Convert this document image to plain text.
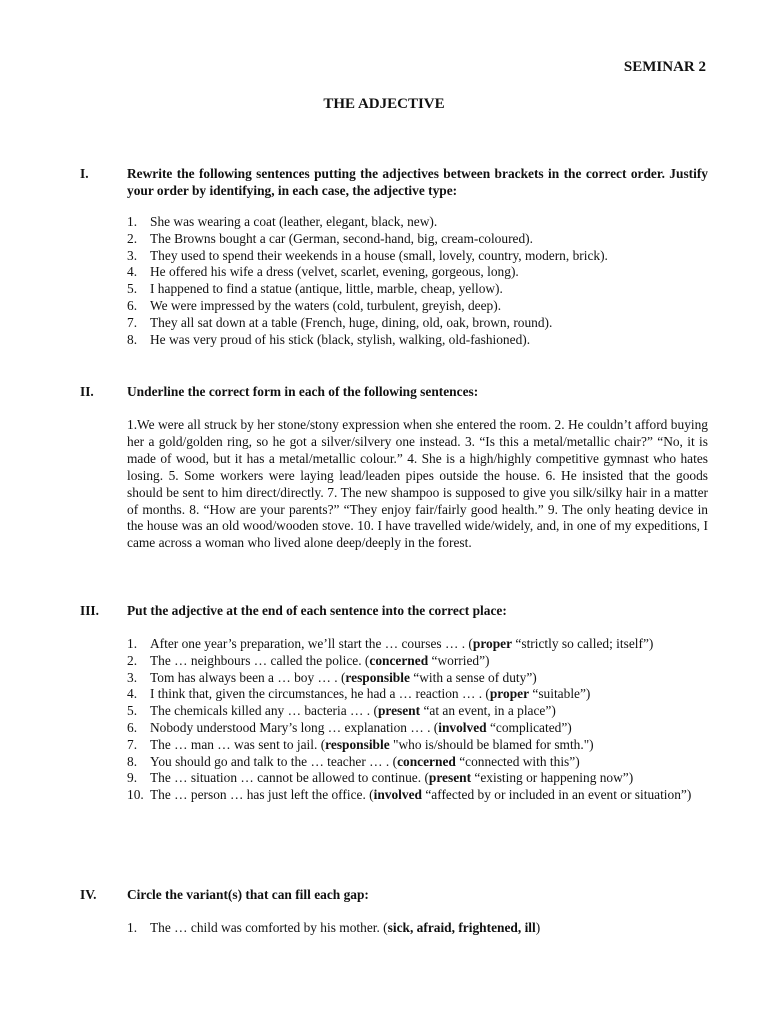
SEMINAR 2
THE ADJECTIVE
I.	Rewrite the following sentences putting the adjectives between brackets in the correct order. Justify your order by identifying, in each case, the adjective type:
1. She was wearing a coat (leather, elegant, black, new).
2. The Browns bought a car (German, second-hand, big, cream-coloured).
3. They used to spend their weekends in a house (small, lovely, country, modern, brick).
4. He offered his wife a dress (velvet, scarlet, evening, gorgeous, long).
5. I happened to find a statue (antique, little, marble, cheap, yellow).
6. We were impressed by the waters (cold, turbulent, greyish, deep).
7. They all sat down at a table (French, huge, dining, old, oak, brown, round).
8. He was very proud of his stick (black, stylish, walking, old-fashioned).
II.	Underline the correct form in each of the following sentences:
1.We were all struck by her stone/stony expression when she entered the room. 2. He couldn’t afford buying her a gold/golden ring, so he got a silver/silvery one instead. 3. “Is this a metal/metallic chair?” “No, it is made of wood, but it has a metal/metallic colour.” 4. She is a high/highly competitive gymnast who hates losing. 5. Some workers were laying lead/leaden pipes outside the house. 6. He insisted that the goods should be sent to him direct/directly. 7. The new shampoo is supposed to give you silk/silky hair in a matter of months. 8. “How are your parents?” “They enjoy fair/fairly good health.” 9. The only heating device in the house was an old wood/wooden stove. 10. I have travelled wide/widely, and, in one of my expeditions, I came across a woman who lived alone deep/deeply in the forest.
III.	Put the adjective at the end of each sentence into the correct place:
1. After one year’s preparation, we’ll start the … courses … . (proper “strictly so called; itself”)
2. The … neighbours … called the police. (concerned “worried”)
3. Tom has always been a … boy … . (responsible “with a sense of duty”)
4. I think that, given the circumstances, he had a … reaction … . (proper “suitable”)
5. The chemicals killed any … bacteria … . (present “at an event, in a place”)
6. Nobody understood Mary’s long … explanation … . (involved “complicated”)
7. The … man … was sent to jail. (responsible "who is/should be blamed for smth.")
8. You should go and talk to the … teacher … . (concerned “connected with this”)
9. The … situation … cannot be allowed to continue. (present “existing or happening now”)
10. The … person … has just left the office. (involved “affected by or included in an event or situation”)
IV.	Circle the variant(s) that can fill each gap:
1. The … child was comforted by his mother. (sick, afraid, frightened, ill)
